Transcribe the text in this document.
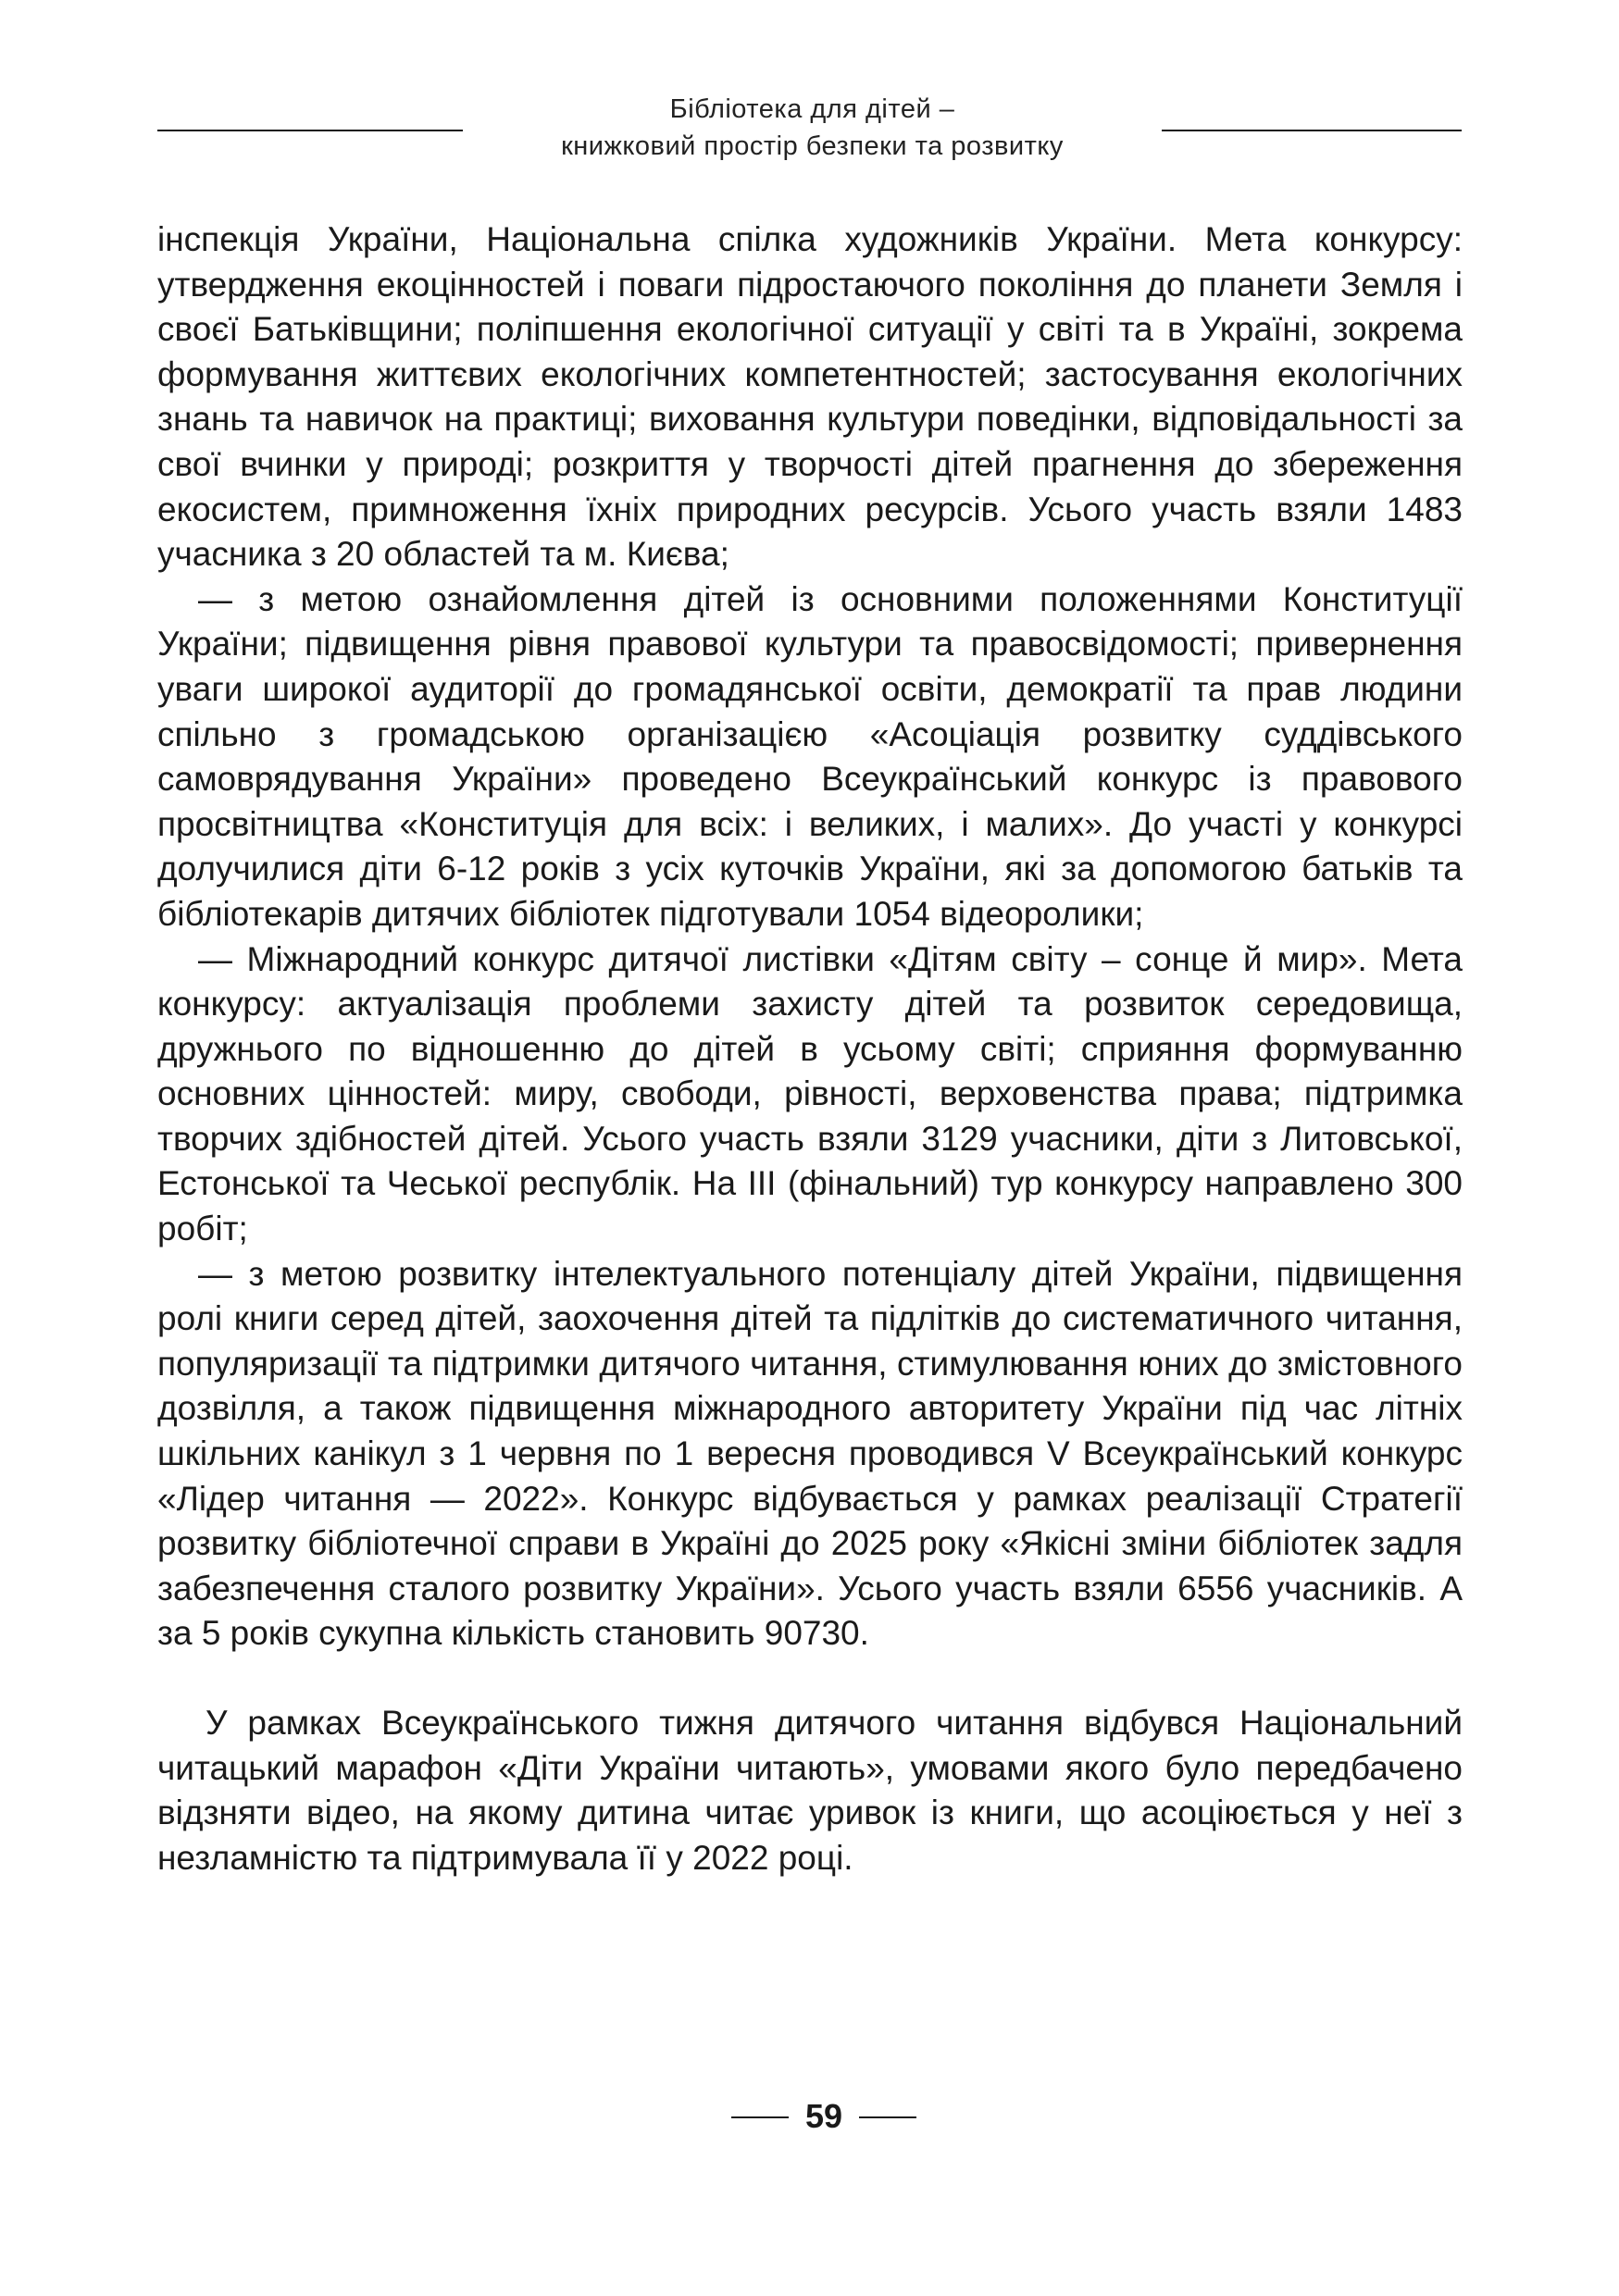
Бібліотека для дітей –
книжковий простір безпеки та розвитку

інспекція України, Національна спілка художників України. Мета конкурсу: утвердження екоцінностей і поваги підростаючого покоління до планети Земля і своєї Батьківщини; поліпшення екологічної ситуації у світі та в Україні, зокрема формування життєвих екологічних компетентностей; застосування екологічних знань та навичок на практиці; виховання культури поведінки, відповідальності за свої вчинки у природі; розкриття у творчості дітей прагнення до збереження екосистем, примноження їхніх природних ресурсів. Усього участь взяли 1483 учасника з 20 областей та м. Києва;

— з метою ознайомлення дітей із основними положеннями Конституції України; підвищення рівня правової культури та правосвідомості; привернення уваги широкої аудиторії до громадянської освіти, демократії та прав людини спільно з громадською організацією «Асоціація розвитку суддівського самоврядування України» проведено Всеукраїнський конкурс із правового просвітництва «Конституція для всіх: і великих, і малих». До участі у конкурсі долучилися діти 6-12 років з усіх куточків України, які за допомогою батьків та бібліотекарів дитячих бібліотек підготували 1054 відеоролики;

— Міжнародний конкурс дитячої листівки «Дітям світу – сонце й мир». Мета конкурсу: актуалізація проблеми захисту дітей та розвиток середовища, дружнього по відношенню до дітей в усьому світі; сприяння формуванню основних цінностей: миру, свободи, рівності, верховенства права; підтримка творчих здібностей дітей. Усього участь взяли 3129 учасники, діти з Литовської, Естонської та Чеської республік. На ІІІ (фінальний) тур конкурсу направлено 300 робіт;

— з метою розвитку інтелектуального потенціалу дітей України, підвищення ролі книги серед дітей, заохочення дітей та підлітків до систематичного читання, популяризації та підтримки дитячого читання, стимулювання юних до змістовного дозвілля, а також підвищення міжнародного авторитету України під час літніх шкільних канікул з 1 червня по 1 вересня проводився V Всеукраїнський конкурс «Лідер читання — 2022». Конкурс відбувається у рамках реалізації Стратегії розвитку бібліотечної справи в Україні до 2025 року «Якісні зміни бібліотек задля забезпечення сталого розвитку України». Усього участь взяли 6556 учасників. А за 5 років сукупна кількість становить 90730.

У рамках Всеукраїнського тижня дитячого читання відбувся Національний читацький марафон «Діти України читають», умовами якого було передбачено відзняти відео, на якому дитина читає уривок із книги, що асоціюється у неї з незламністю та підтримувала її у 2022 році.

59
